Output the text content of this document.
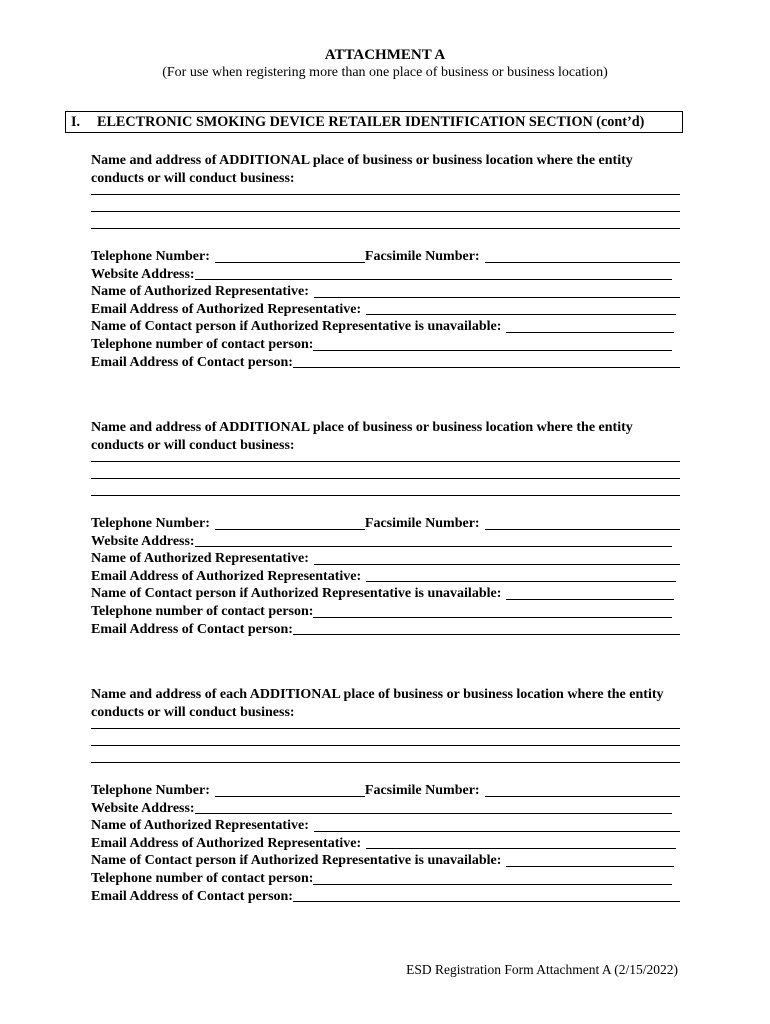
ATTACHMENT A
(For use when registering more than one place of business or business location)
I. ELECTRONIC SMOKING DEVICE RETAILER IDENTIFICATION SECTION (cont’d)

Name and address of ADDITIONAL place of business or business location where the entity conducts or will conduct business:

Telephone Number:	Facsimile Number:
Website Address:
Name of Authorized Representative:
Email Address of Authorized Representative:
Name of Contact person if Authorized Representative is unavailable:
Telephone number of contact person:
Email Address of Contact person:

Name and address of ADDITIONAL place of business or business location where the entity conducts or will conduct business:

Telephone Number:	Facsimile Number:
Website Address:
Name of Authorized Representative:
Email Address of Authorized Representative:
Name of Contact person if Authorized Representative is unavailable:
Telephone number of contact person:
Email Address of Contact person:

Name and address of each ADDITIONAL place of business or business location where the entity conducts or will conduct business:

Telephone Number:	Facsimile Number:
Website Address:
Name of Authorized Representative:
Email Address of Authorized Representative:
Name of Contact person if Authorized Representative is unavailable:
Telephone number of contact person:
Email Address of Contact person:
ESD Registration Form Attachment A (2/15/2022)
